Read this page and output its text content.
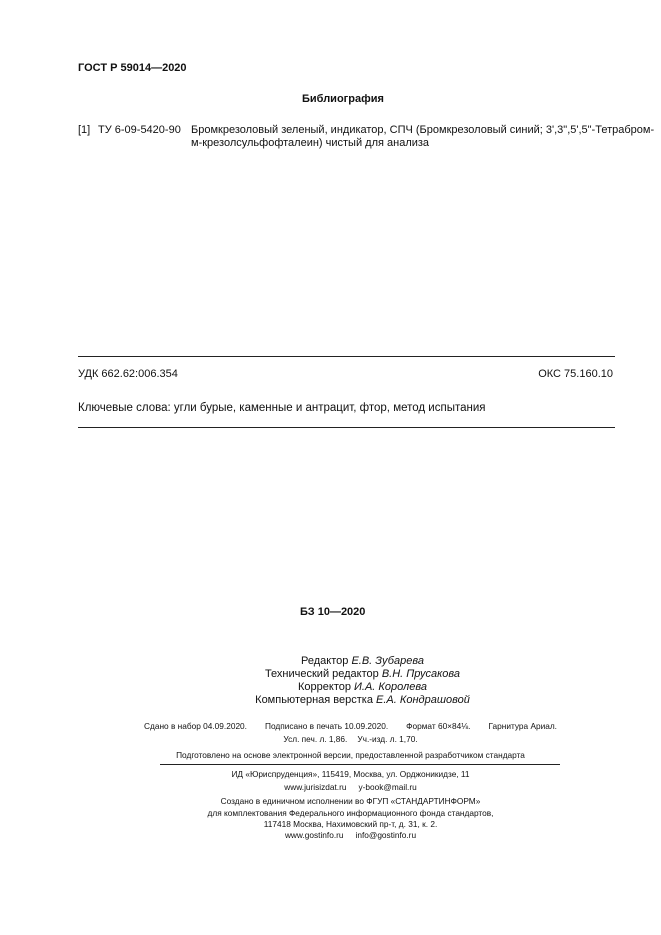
ГОСТ Р 59014—2020
Библиография
[1] ТУ 6-09-5420-90 Бромкрезоловый зеленый, индикатор, СПЧ (Бромкрезоловый синий; 3',3",5',5"-Тетрабром-
м-крезолсульфофталеин) чистый для анализа
УДК 662.62:006.354	ОКС 75.160.10
Ключевые слова: угли бурые, каменные и антрацит, фтор, метод испытания
БЗ 10—2020
Редактор Е.В. Зубарева
Технический редактор В.Н. Прусакова
Корректор И.А. Королева
Компьютерная верстка Е.А. Кондрашовой
Сдано в набор 04.09.2020. Подписано в печать 10.09.2020. Формат 60×84⅛. Гарнитура Ариал.
Усл. печ. л. 1,86. Уч.-изд. л. 1,70.
Подготовлено на основе электронной версии, предоставленной разработчиком стандарта
ИД «Юриспруденция», 115419, Москва, ул. Орджоникидзе, 11
www.jurisizdat.ru y-book@mail.ru
Создано в единичном исполнении во ФГУП «СТАНДАРТИНФОРМ»
для комплектования Федерального информационного фонда стандартов,
117418 Москва, Нахимовский пр-т, д. 31, к. 2.
www.gostinfo.ru info@gostinfo.ru
